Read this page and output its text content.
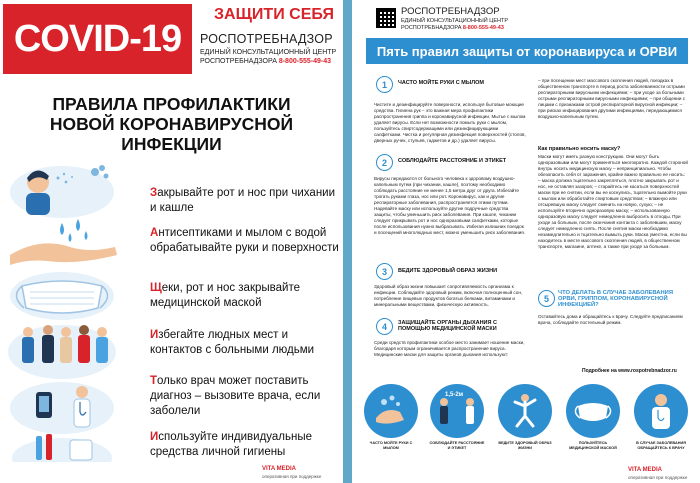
COVID-19
ЗАЩИТИ СЕБЯ
РОСПОТРЕБНАДЗОР
ЕДИНЫЙ КОНСУЛЬТАЦИОННЫЙ ЦЕНТР
РОСПОТРЕБНАДЗОРА 8-800-555-49-43
ПРАВИЛА ПРОФИЛАКТИКИ
НОВОЙ КОРОНАВИРУСНОЙ
ИНФЕКЦИИ
Закрывайте рот и нос при чихании и кашле
Антисептиками и мылом с водой обрабатывайте руки и поверхности
Щеки, рот и нос закрывайте медицинской маской
Избегайте людных мест и контактов с больными людьми
Только врач может поставить диагноз – вызовите врача, если заболели
Используйте индивидуальные средства личной гигиены
VITA MEDIA
оперативная при поддержке
РОСПОТРЕБНАДЗОР
ЕДИНЫЙ КОНСУЛЬТАЦИОННЫЙ ЦЕНТР
РОСПОТРЕБНАДЗОРА 8-800-555-49-43
Пять правил защиты от коронавируса и ОРВИ
1	ЧАСТО МОЙТЕ РУКИ С МЫЛОМ
Чистите и дезинфицируйте поверхности, используя бытовые моющие средства. Гигиена рук – это важная мера профилактики распространения гриппа и коронавирусной инфекции. Мытье с мылом удаляет вирусы. Если нет возможности помыть руки с мылом, пользуйтесь спиртсодержащими или дезинфицирующими салфетками. Чистка и регулярная дезинфекция поверхностей (столов, дверных ручек, стульев, гаджетов и др.) удаляет вирусы.
2	СОБЛЮДАЙТЕ РАССТОЯНИЕ И ЭТИКЕТ
Вирусы передаются от больного человека к здоровому воздушно-капельным путем (при чихании, кашле), поэтому необходимо соблюдать расстояние не менее 1,5 метра друг от друга. Избегайте трогать руками глаза, нос или рот. Коронавирус, как и другие респираторные заболевания, распространяется этими путями. Надевайте маску или используйте другие подручные средства защиты, чтобы уменьшить риск заболевания. При кашле, чихании следует прикрывать рот и нос одноразовыми салфетками, которые после использования нужно выбрасывать. Избегая излишних поездок и посещений многолюдных мест, можно уменьшить риск заболевания.
3	ВЕДИТЕ ЗДОРОВЫЙ ОБРАЗ ЖИЗНИ
Здоровый образ жизни повышает сопротивляемость организма к инфекции. Соблюдайте здоровый режим, включая полноценный сон, потребление пищевых продуктов богатых белками, витаминами и минеральными веществами, физическую активность.
4	ЗАЩИЩАЙТЕ ОРГАНЫ ДЫХАНИЯ С ПОМОЩЬЮ МЕДИЦИНСКОЙ МАСКИ
Среди средств профилактики особое место занимает ношение маски, благодаря которым ограничивается распространение вируса. Медицинские маски для защиты органов дыхания используют:
– при посещении мест массового скопления людей, поездках в общественном транспорте в период роста заболеваемости острыми респираторными вирусными инфекциями; – при уходе за больными острыми респираторными вирусными инфекциями; – при общении с лицами с признаками острой респираторной вирусной инфекции; – при рисках инфицирования другими инфекциями, передающимися воздушно-капельным путем.
Как правильно носить маску?
Маски могут иметь разную конструкцию. Они могут быть одноразовыми или могут применяться многократно. Каждой стороной внутрь носить медицинскую маску – непринципиально. Чтобы обезопасить себя от заражения, крайне важно правильно ее носить: – маска должна тщательно закрепляться, плотно закрывать рот и нос, не оставляя зазоров; – старайтесь не касаться поверхностей маски при ее снятии, если вы ее коснулись, тщательно вымойте руки с мылом или обработайте спиртовым средством; – влажную или отсыревшую маску следует сменить на новую, сухую; – не используйте вторично одноразовую маску; – использованную одноразовую маску следует немедленно выбросить в отходы. При уходе за больным, после окончания контакта с заболевшим, маску следует немедленно снять. После снятия маски необходимо незамедлительно и тщательно вымыть руки. Маска уместна, если вы находитесь в месте массового скопления людей, в общественном транспорте, магазине, аптеке, а также при уходе за больным.
5
ЧТО ДЕЛАТЬ В СЛУЧАЕ ЗАБОЛЕВАНИЯ ОРВИ, ГРИППОМ, КОРОНАВИРУСНОЙ ИНФЕКЦИЕЙ?
Оставайтесь дома и обращайтесь к врачу. Следуйте предписаниям врача, соблюдайте постельный режим.
Подробнее на www.rospotrebnadzor.ru
1,5-2м
ЧАСТО МОЙТЕ РУКИ С МЫЛОМ
СОБЛЮДАЙТЕ РАССТОЯНИЕ И ЭТИКЕТ
ВЕДИТЕ ЗДОРОВЫЙ ОБРАЗ ЖИЗНИ
ПОЛЬЗУЙТЕСЬ МЕДИЦИНСКОЙ МАСКОЙ
В СЛУЧАЕ ЗАБОЛЕВАНИЯ ОБРАЩАЙТЕСЬ К ВРАЧУ
VITA MEDIA
оперативная при поддержке
